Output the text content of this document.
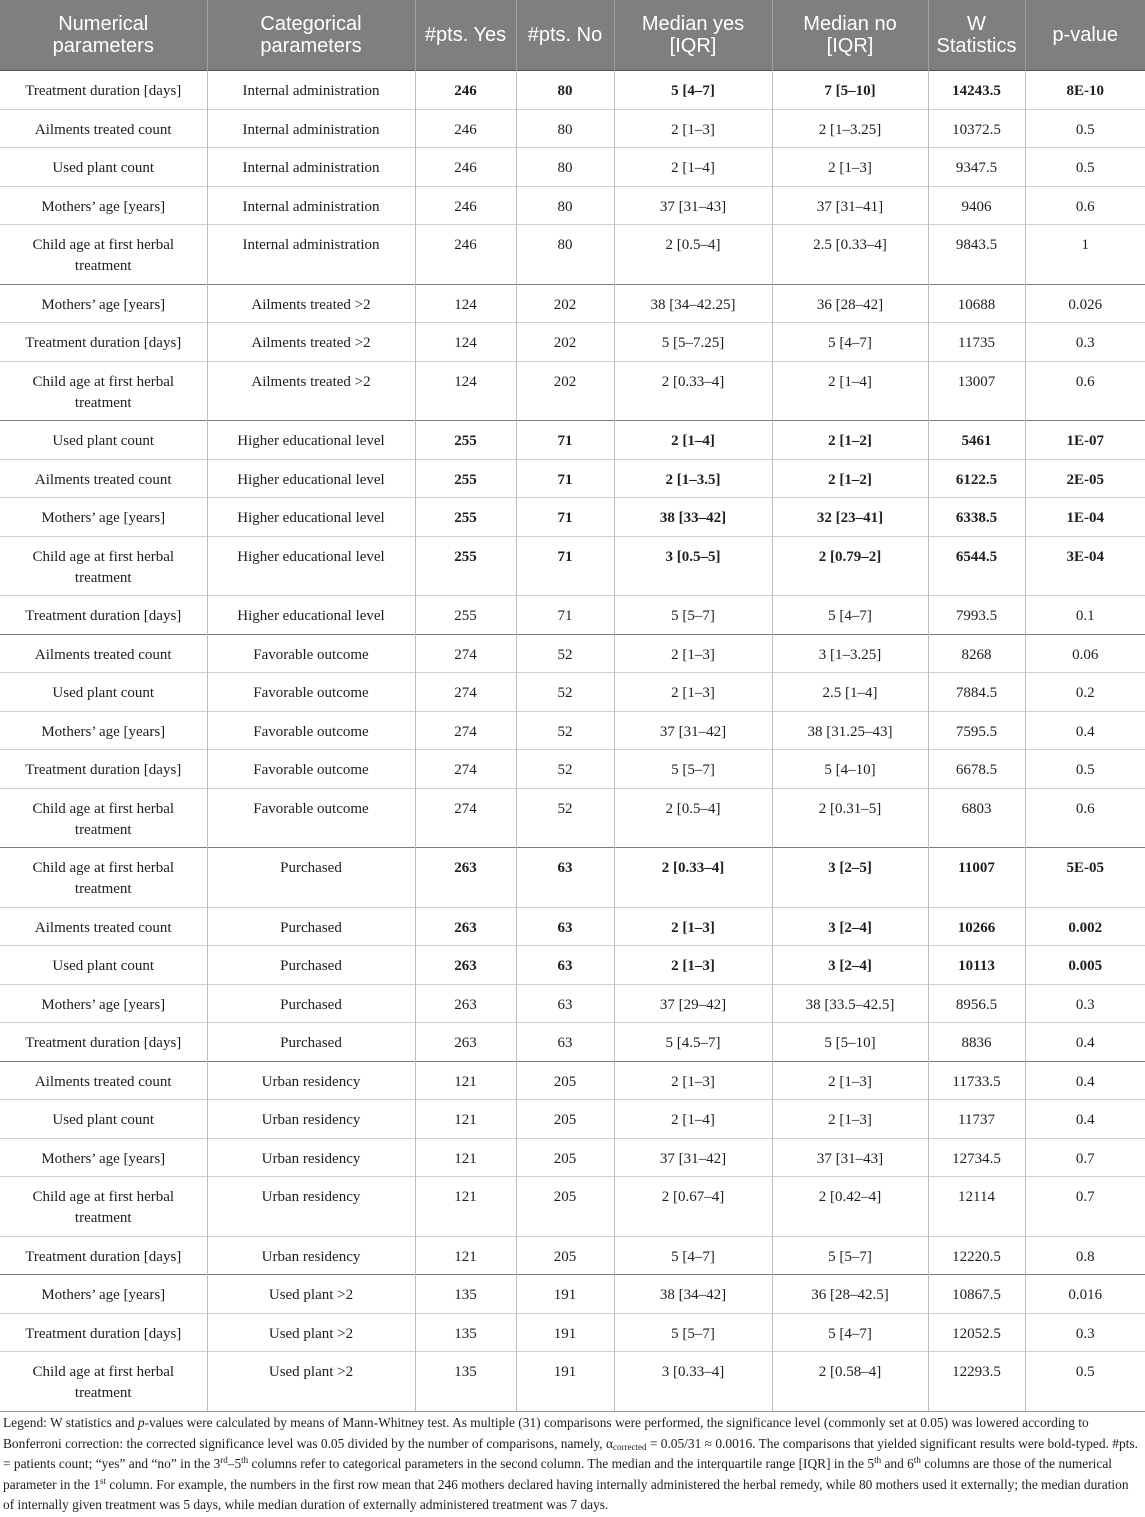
Numerical parameters	Categorical parameters	#pts. Yes	#pts. No	Median yes [IQR]	Median no [IQR]	W Statistics	p-value
Treatment duration [days]	Internal administration	246	80	5 [4–7]	7 [5–10]	14243.5	8E-10
Ailments treated count	Internal administration	246	80	2 [1–3]	2 [1–3.25]	10372.5	0.5
Used plant count	Internal administration	246	80	2 [1–4]	2 [1–3]	9347.5	0.5
Mothers’ age [years]	Internal administration	246	80	37 [31–43]	37 [31–41]	9406	0.6
Child age at first herbal treatment	Internal administration	246	80	2 [0.5–4]	2.5 [0.33–4]	9843.5	1
Mothers’ age [years]	Ailments treated >2	124	202	38 [34–42.25]	36 [28–42]	10688	0.026
Treatment duration [days]	Ailments treated >2	124	202	5 [5–7.25]	5 [4–7]	11735	0.3
Child age at first herbal treatment	Ailments treated >2	124	202	2 [0.33–4]	2 [1–4]	13007	0.6
Used plant count	Higher educational level	255	71	2 [1–4]	2 [1–2]	5461	1E-07
Ailments treated count	Higher educational level	255	71	2 [1–3.5]	2 [1–2]	6122.5	2E-05
Mothers’ age [years]	Higher educational level	255	71	38 [33–42]	32 [23–41]	6338.5	1E-04
Child age at first herbal treatment	Higher educational level	255	71	3 [0.5–5]	2 [0.79–2]	6544.5	3E-04
Treatment duration [days]	Higher educational level	255	71	5 [5–7]	5 [4–7]	7993.5	0.1
Ailments treated count	Favorable outcome	274	52	2 [1–3]	3 [1–3.25]	8268	0.06
Used plant count	Favorable outcome	274	52	2 [1–3]	2.5 [1–4]	7884.5	0.2
Mothers’ age [years]	Favorable outcome	274	52	37 [31–42]	38 [31.25–43]	7595.5	0.4
Treatment duration [days]	Favorable outcome	274	52	5 [5–7]	5 [4–10]	6678.5	0.5
Child age at first herbal treatment	Favorable outcome	274	52	2 [0.5–4]	2 [0.31–5]	6803	0.6
Child age at first herbal treatment	Purchased	263	63	2 [0.33–4]	3 [2–5]	11007	5E-05
Ailments treated count	Purchased	263	63	2 [1–3]	3 [2–4]	10266	0.002
Used plant count	Purchased	263	63	2 [1–3]	3 [2–4]	10113	0.005
Mothers’ age [years]	Purchased	263	63	37 [29–42]	38 [33.5–42.5]	8956.5	0.3
Treatment duration [days]	Purchased	263	63	5 [4.5–7]	5 [5–10]	8836	0.4
Ailments treated count	Urban residency	121	205	2 [1–3]	2 [1–3]	11733.5	0.4
Used plant count	Urban residency	121	205	2 [1–4]	2 [1–3]	11737	0.4
Mothers’ age [years]	Urban residency	121	205	37 [31–42]	37 [31–43]	12734.5	0.7
Child age at first herbal treatment	Urban residency	121	205	2 [0.67–4]	2 [0.42–4]	12114	0.7
Treatment duration [days]	Urban residency	121	205	5 [4–7]	5 [5–7]	12220.5	0.8
Mothers’ age [years]	Used plant >2	135	191	38 [34–42]	36 [28–42.5]	10867.5	0.016
Treatment duration [days]	Used plant >2	135	191	5 [5–7]	5 [4–7]	12052.5	0.3
Child age at first herbal treatment	Used plant >2	135	191	3 [0.33–4]	2 [0.58–4]	12293.5	0.5
Legend: W statistics and p-values were calculated by means of Mann-Whitney test. As multiple (31) comparisons were performed, the significance level (commonly set at 0.05) was lowered according to Bonferroni correction: the corrected significance level was 0.05 divided by the number of comparisons, namely, $\alpha_{corrected} = 0.05/31 \approx 0.0016$. The comparisons that yielded significant results were bold-typed. #pts. = patients count; “yes” and “no” in the 3rd–5th columns refer to categorical parameters in the second column. The median and the interquartile range [IQR] in the 5th and 6th columns are those of the numerical parameter in the 1st column. For example, the numbers in the first row mean that 246 mothers declared having internally administered the herbal remedy, while 80 mothers used it externally; the median duration of internally given treatment was 5 days, while median duration of externally administered treatment was 7 days.
